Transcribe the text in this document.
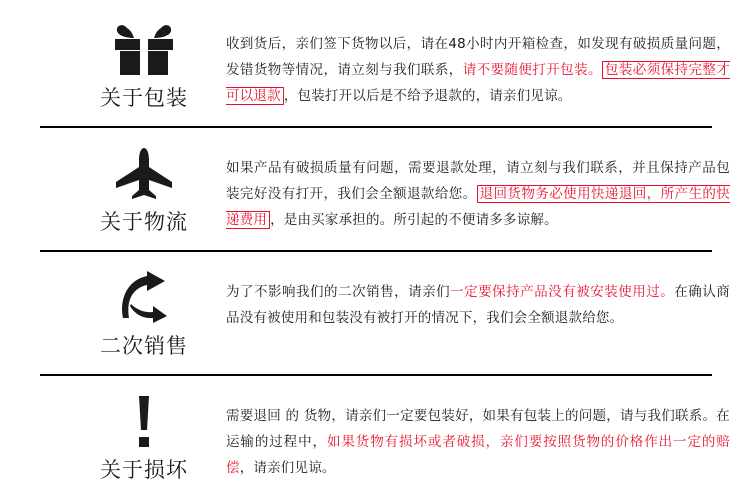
关于包装

收到货后，亲们签下货物以后，请在48小时内开箱检查，如发现有破损质量问题，发错货物等情况，请立刻与我们联系，请不要随便打开包装。 包装必须保持完整才可以退款 ，包装打开以后是不给予退款的，请亲们见谅。

关于物流

如果产品有破损质量有问题，需要退款处理，请立刻与我们联系，并且保持产品包装完好没有打开，我们会全额退款给您。 退回货物务必使用快递退回，所产生的快递费用 ，是由买家承担的。所引起的不便请多多谅解。

二次销售

为了不影响我们的二次销售，请亲们一定要保持产品没有被安装使用过。在确认商品没有被使用和包装没有被打开的情况下，我们会全额退款给您。

关于损坏

需要退回 的 货物，请亲们一定要包装好，如果有包装上的问题，请与我们联系。在运输的过程中，如果货物有损坏或者破损，亲们要按照货物的价格作出一定的赔偿，请亲们见谅。
